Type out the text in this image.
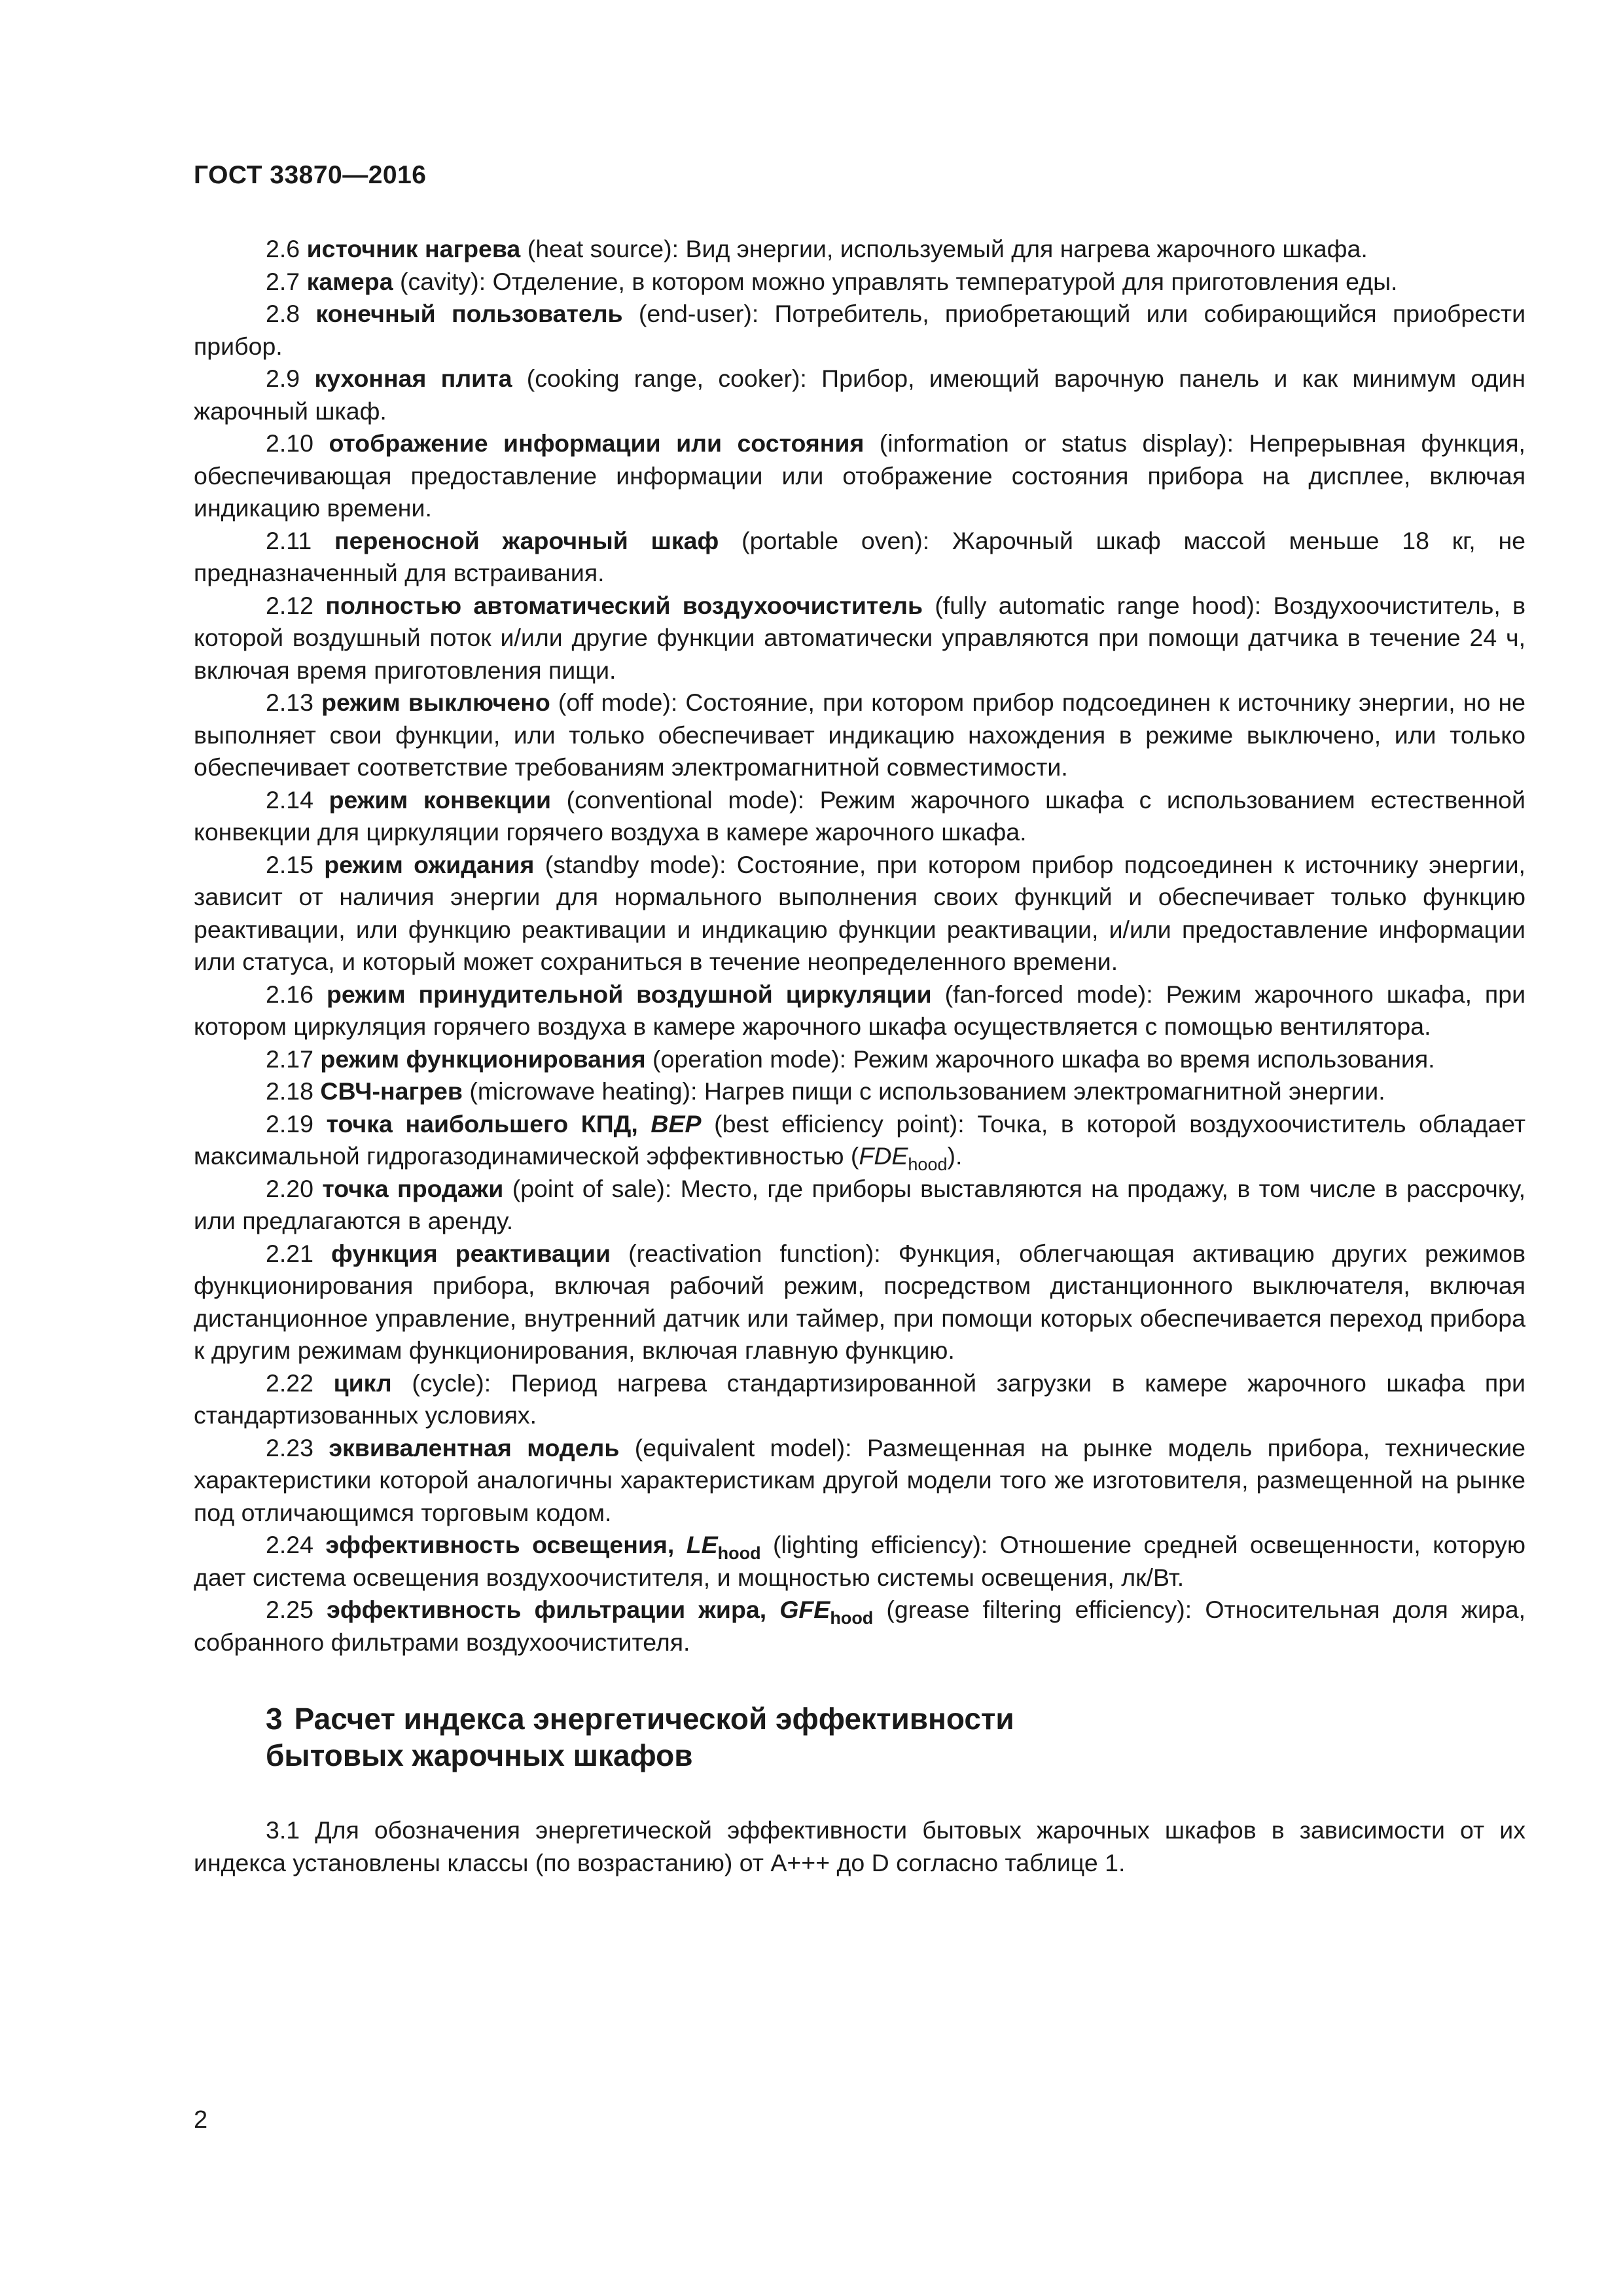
ГОСТ 33870—2016

2.6 источник нагрева (heat source): Вид энергии, используемый для нагрева жарочного шкафа.

2.7 камера (cavity): Отделение, в котором можно управлять температурой для приготовления еды.

2.8 конечный пользователь (end-user): Потребитель, приобретающий или собирающийся приобрести прибор.

2.9 кухонная плита (cooking range, cooker): Прибор, имеющий варочную панель и как минимум один жарочный шкаф.

2.10 отображение информации или состояния (information or status display): Непрерывная функция, обеспечивающая предоставление информации или отображение состояния прибора на дисплее, включая индикацию времени.

2.11 переносной жарочный шкаф (portable oven): Жарочный шкаф массой меньше 18 кг, не предназначенный для встраивания.

2.12 полностью автоматический воздухоочиститель (fully automatic range hood): Воздухоочиститель, в которой воздушный поток и/или другие функции автоматически управляются при помощи датчика в течение 24 ч, включая время приготовления пищи.

2.13 режим выключено (off mode): Состояние, при котором прибор подсоединен к источнику энергии, но не выполняет свои функции, или только обеспечивает индикацию нахождения в режиме выключено, или только обеспечивает соответствие требованиям электромагнитной совместимости.

2.14 режим конвекции (conventional mode): Режим жарочного шкафа с использованием естественной конвекции для циркуляции горячего воздуха в камере жарочного шкафа.

2.15 режим ожидания (standby mode): Состояние, при котором прибор подсоединен к источнику энергии, зависит от наличия энергии для нормального выполнения своих функций и обеспечивает только функцию реактивации, или функцию реактивации и индикацию функции реактивации, и/или предоставление информации или статуса, и который может сохраниться в течение неопределенного времени.

2.16 режим принудительной воздушной циркуляции (fan-forced mode): Режим жарочного шкафа, при котором циркуляция горячего воздуха в камере жарочного шкафа осуществляется с помощью вентилятора.

2.17 режим функционирования (operation mode): Режим жарочного шкафа во время использования.

2.18 СВЧ-нагрев (microwave heating): Нагрев пищи с использованием электромагнитной энергии.

2.19 точка наибольшего КПД, BEP (best efficiency point): Точка, в которой воздухоочиститель обладает максимальной гидрогазодинамической эффективностью $(FDE_{hood})$.

2.20 точка продажи (point of sale): Место, где приборы выставляются на продажу, в том числе в рассрочку, или предлагаются в аренду.

2.21 функция реактивации (reactivation function): Функция, облегчающая активацию других режимов функционирования прибора, включая рабочий режим, посредством дистанционного выключателя, включая дистанционное управление, внутренний датчик или таймер, при помощи которых обеспечивается переход прибора к другим режимам функционирования, включая главную функцию.

2.22 цикл (cycle): Период нагрева стандартизированной загрузки в камере жарочного шкафа при стандартизованных условиях.

2.23 эквивалентная модель (equivalent model): Размещенная на рынке модель прибора, технические характеристики которой аналогичны характеристикам другой модели того же изготовителя, размещенной на рынке под отличающимся торговым кодом.

2.24 эффективность освещения, $LE_{hood}$ (lighting efficiency): Отношение средней освещенности, которую дает система освещения воздухоочистителя, и мощностью системы освещения, лк/Вт.

2.25 эффективность фильтрации жира, $GFE_{hood}$ (grease filtering efficiency): Относительная доля жира, собранного фильтрами воздухоочистителя.

3 Расчет индекса энергетической эффективности
бытовых жарочных шкафов

3.1 Для обозначения энергетической эффективности бытовых жарочных шкафов в зависимости от их индекса установлены классы (по возрастанию) от А+++ до D согласно таблице 1.

2
